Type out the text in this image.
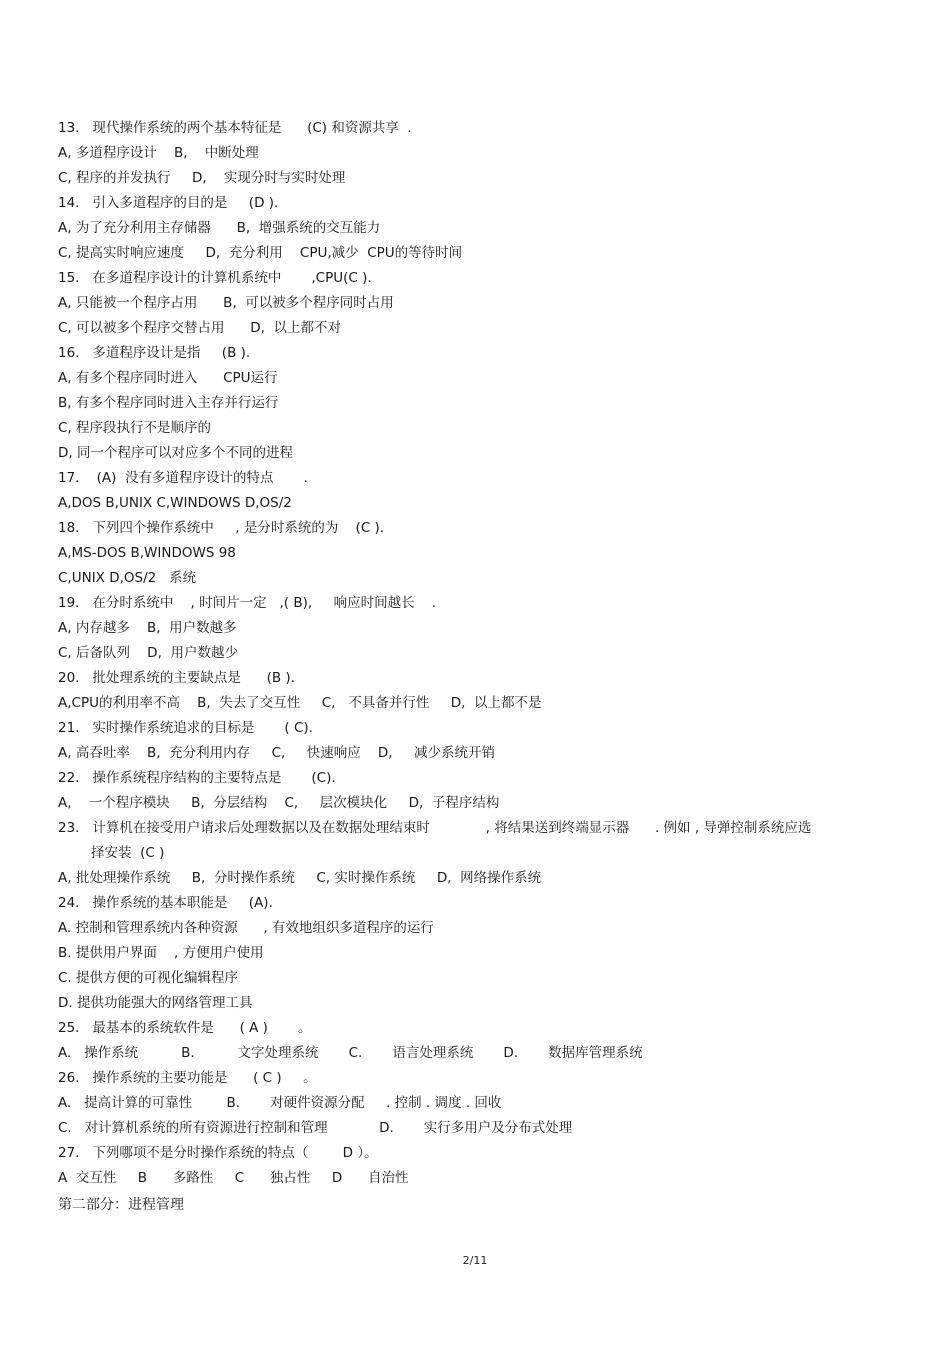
13.   现代操作系统的两个基本特征是      (C) 和资源共享  .
A, 多道程序设计    B,    中断处理
C, 程序的并发执行     D,    实现分时与实时处理
14.   引入多道程序的目的是     (D ).
A, 为了充分利用主存储器      B,  增强系统的交互能力
C, 提高实时响应速度     D,  充分利用    CPU,减少  CPU的等待时间
15.   在多道程序设计的计算机系统中       ,CPU(C ).
A, 只能被一个程序占用      B,  可以被多个程序同时占用
C, 可以被多个程序交替占用      D,  以上都不对
16.   多道程序设计是指     (B ).
A, 有多个程序同时进入      CPU运行
B, 有多个程序同时进入主存并行运行
C, 程序段执行不是顺序的
D, 同一个程序可以对应多个不同的进程
17.    (A)  没有多道程序设计的特点       .
A,DOS B,UNIX C,WINDOWS D,OS/2
18.   下列四个操作系统中     , 是分时系统的为    (C ).
A,MS-DOS B,WINDOWS 98
C,UNIX D,OS/2   系统
19.   在分时系统中    , 时间片一定   ,( B),     响应时间越长    .
A, 内存越多    B,  用户数越多
C, 后备队列    D,  用户数越少
20.   批处理系统的主要缺点是      (B ).
A,CPU的利用率不高    B,  失去了交互性     C,   不具备并行性     D,  以上都不是
21.   实时操作系统追求的目标是       ( C).
A, 高吞吐率    B,  充分利用内存     C,     快速响应    D,     减少系统开销
22.   操作系统程序结构的主要特点是       (C).
A,    一个程序模块     B,  分层结构    C,     层次模块化     D,  子程序结构
23.   计算机在接受用户请求后处理数据以及在数据处理结束时             , 将结果送到终端显示器      . 例如 , 导弹控制系统应选
择安装  (C )
A, 批处理操作系统     B,  分时操作系统     C, 实时操作系统     D,  网络操作系统
24.   操作系统的基本职能是     (A).
A. 控制和管理系统内各种资源      , 有效地组织多道程序的运行
B. 提供用户界面    , 方便用户使用
C. 提供方便的可视化编辑程序
D. 提供功能强大的网络管理工具
25.   最基本的系统软件是      ( A )       。
A.   操作系统          B.          文字处理系统       C.       语言处理系统       D.       数据库管理系统
26.   操作系统的主要功能是      ( C )     。
A.   提高计算的可靠性        B.       对硬件资源分配     . 控制 . 调度 . 回收
C.   对计算机系统的所有资源进行控制和管理            D.       实行多用户及分布式处理
27.   下列哪项不是分时操作系统的特点（        D ）。
A  交互性     B      多路性     C      独占性     D      自治性
第二部分：进程管理
2/11
